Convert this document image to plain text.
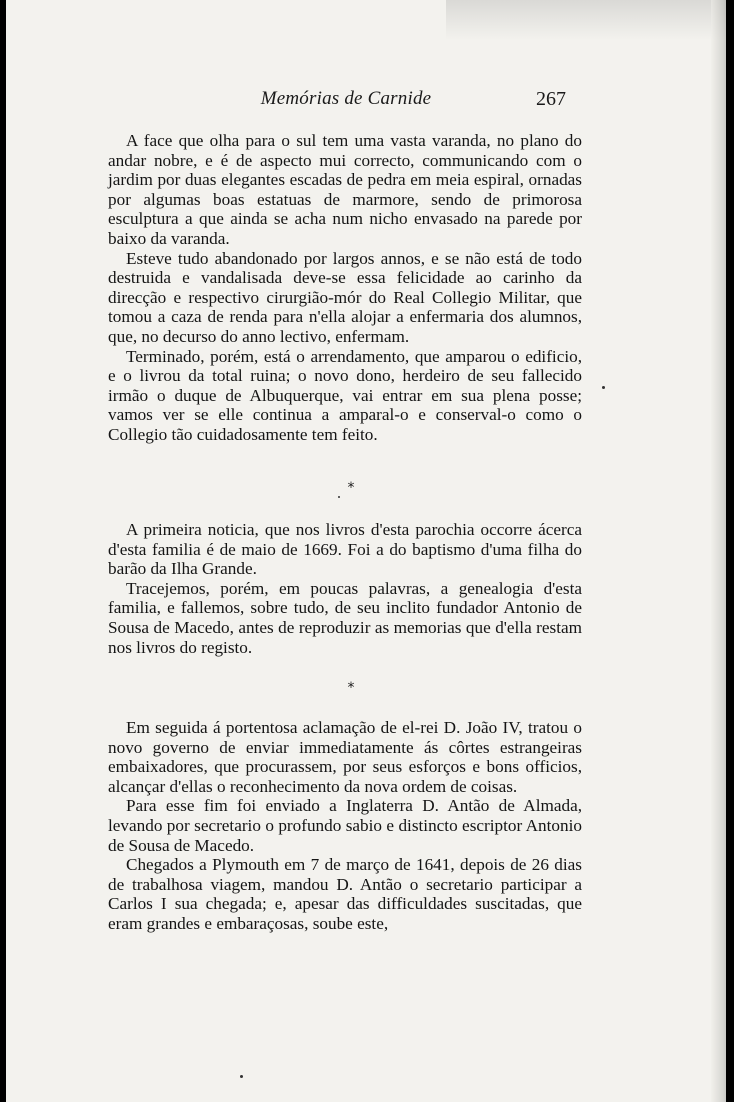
Memórias de Carnide	267

A face que olha para o sul tem uma vasta varanda, no plano do andar nobre, e é de aspecto mui correcto, communicando com o jardim por duas elegantes escadas de pedra em meia espiral, ornadas por algumas boas estatuas de marmore, sendo de primorosa esculptura a que ainda se acha num nicho envasado na parede por baixo da varanda.

Esteve tudo abandonado por largos annos, e se não está de todo destruida e vandalisada deve-se essa felicidade ao carinho da direcção e respectivo cirurgião-mór do Real Collegio Militar, que tomou a caza de renda para n'ella alojar a enfermaria dos alumnos, que, no decurso do anno lectivo, enfermam.

Terminado, porém, está o arrendamento, que amparou o edificio, e o livrou da total ruina; o novo dono, herdeiro de seu fallecido irmão o duque de Albuquerque, vai entrar em sua plena posse; vamos ver se elle continua a amparal-o e conserval-o como o Collegio tão cuidadosamente tem feito.

*

A primeira noticia, que nos livros d'esta parochia occorre ácerca d'esta familia é de maio de 1669. Foi a do baptismo d'uma filha do barão da Ilha Grande.

Tracejemos, porém, em poucas palavras, a genealogia d'esta familia, e fallemos, sobre tudo, de seu inclito fundador Antonio de Sousa de Macedo, antes de reproduzir as memorias que d'ella restam nos livros do registo.

*

Em seguida á portentosa aclamação de el-rei D. João IV, tratou o novo governo de enviar immediatamente ás côrtes estrangeiras embaixadores, que procurassem, por seus esforços e bons officios, alcançar d'ellas o reconhecimento da nova ordem de coisas.

Para esse fim foi enviado a Inglaterra D. Antão de Almada, levando por secretario o profundo sabio e distincto escriptor Antonio de Sousa de Macedo.

Chegados a Plymouth em 7 de março de 1641, depois de 26 dias de trabalhosa viagem, mandou D. Antão o secretario participar a Carlos I sua chegada; e, apesar das difficuldades suscitadas, que eram grandes e embaraçosas, soube este,
